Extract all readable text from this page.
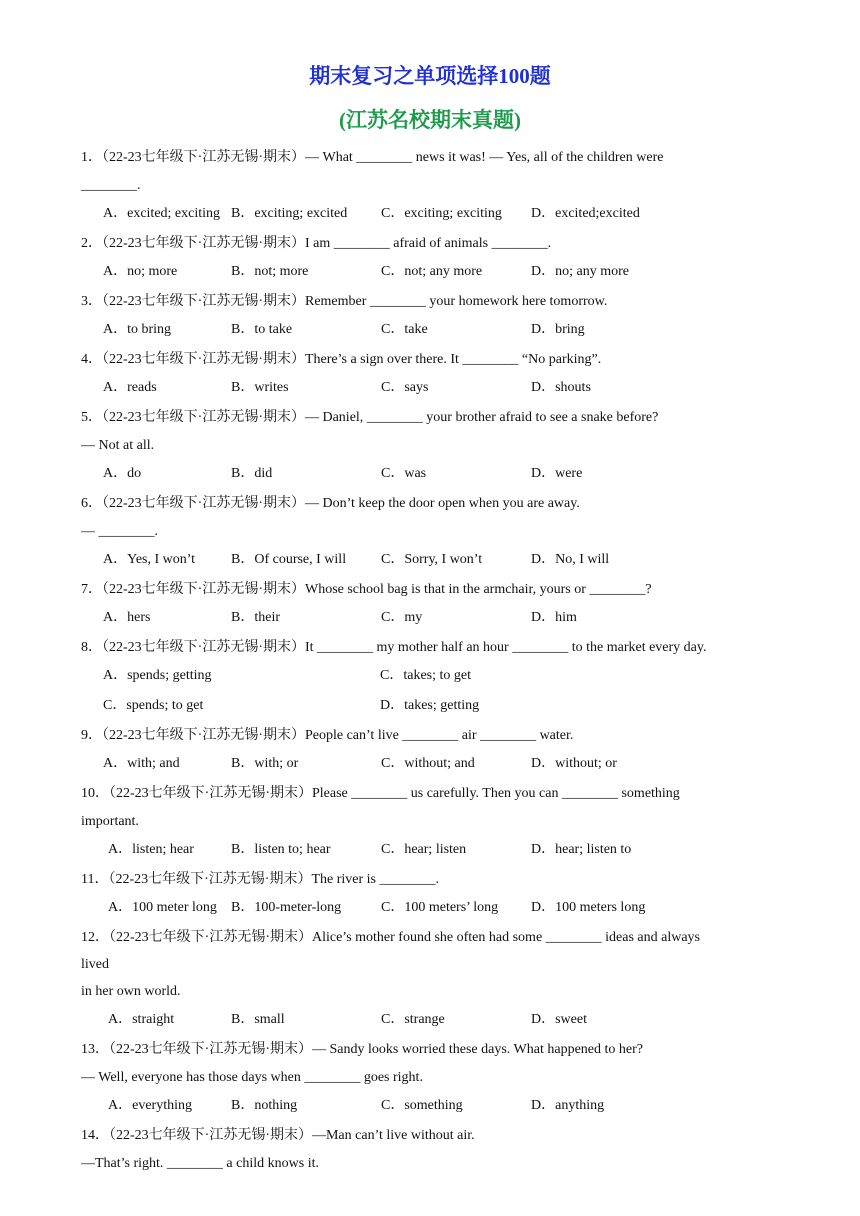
期末复习之单项选择100题
(江苏名校期末真题)
1．（22-23七年级下·江苏无锡·期末）— What ________ news it was! — Yes, all of the children were
________.
A．excited; exciting B．exciting; excited C．exciting; exciting D．excited;excited
2．（22-23七年级下·江苏无锡·期末）I am ________ afraid of animals ________.
A．no; more	B．not; more	C．not; any more	D．no; any more
3．（22-23七年级下·江苏无锡·期末）Remember ________ your homework here tomorrow.
A．to bring	B．to take	C．take	D．bring
4．（22-23七年级下·江苏无锡·期末）There’s a sign over there. It ________ “No parking”.
A．reads	B．writes	C．says	D．shouts
5．（22-23七年级下·江苏无锡·期末）— Daniel, ________ your brother afraid to see a snake before?
— Not at all.
A．do	B．did	C．was	D．were
6．（22-23七年级下·江苏无锡·期末）— Don’t keep the door open when you are away.
— ________.
A．Yes, I won’t	B．Of course, I will C．Sorry, I won’t	D．No, I will
7．（22-23七年级下·江苏无锡·期末）Whose school bag is that in the armchair, yours or ________?
A．hers	B．their	C．my	D．him
8．（22-23七年级下·江苏无锡·期末）It ________ my mother half an hour ________ to the market every day.
A．spends; getting	C．takes; to get
C．spends; to get	D．takes; getting
9．（22-23七年级下·江苏无锡·期末）People can’t live ________ air ________ water.
A．with; and	B．with; or	C．without; and	D．without; or
10．（22-23七年级下·江苏无锡·期末）Please ________ us carefully. Then you can ________ something
important.
A．listen; hear	B．listen to; hear	C．hear; listen	D．hear; listen to
11．（22-23七年级下·江苏无锡·期末）The river is ________.
A．100 meter long B．100-meter-long	C．100 meters’ long D．100 meters long
12．（22-23七年级下·江苏无锡·期末）Alice’s mother found she often had some ________ ideas and always
lived
in her own world.
A．straight	B．small	C．strange	D．sweet
13．（22-23七年级下·江苏无锡·期末）— Sandy looks worried these days. What happened to her?
— Well, everyone has those days when ________ goes right.
A．everything	B．nothing	C．something	D．anything
14．（22-23七年级下·江苏无锡·期末）—Man can’t live without air.
—That’s right. ________ a child knows it.
